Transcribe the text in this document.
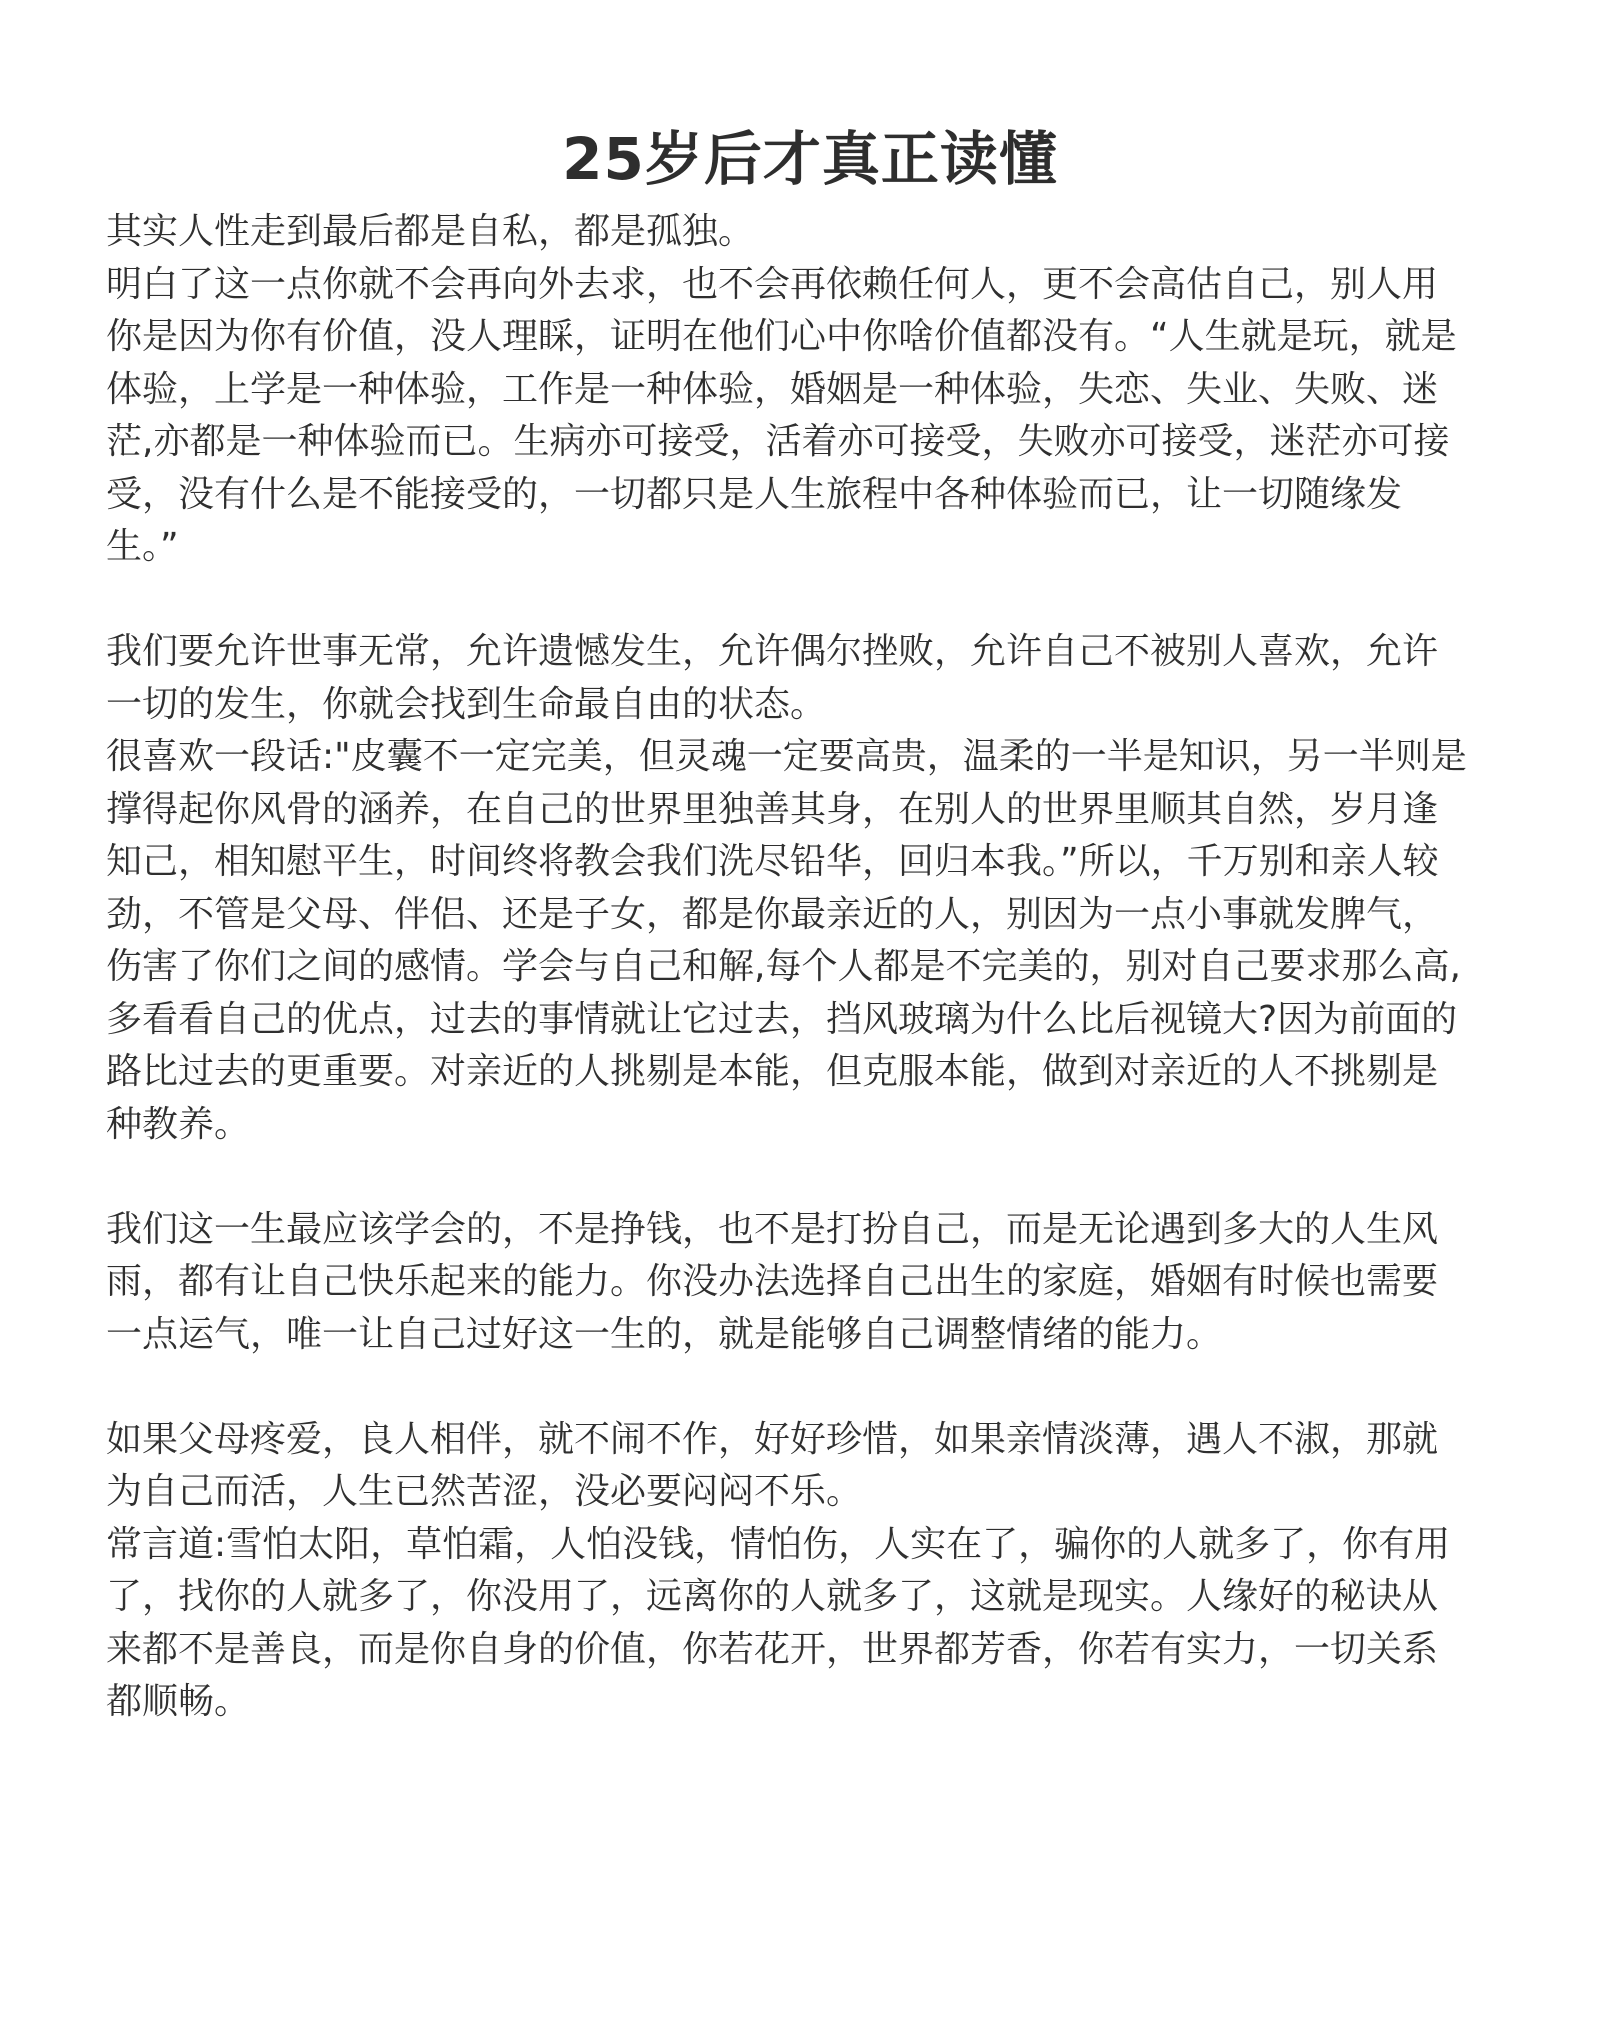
25岁后才真正读懂
其实人性走到最后都是自私，都是孤独。
明白了这一点你就不会再向外去求，也不会再依赖任何人，更不会高估自己，别人用
你是因为你有价值，没人理睬，证明在他们心中你啥价值都没有。“人生就是玩，就是
体验，上学是一种体验，工作是一种体验，婚姻是一种体验，失恋、失业、失败、迷
茫,亦都是一种体验而已。生病亦可接受，活着亦可接受，失败亦可接受，迷茫亦可接
受，没有什么是不能接受的，一切都只是人生旅程中各种体验而已，让一切随缘发
生。”
我们要允许世事无常，允许遗憾发生，允许偶尔挫败，允许自己不被别人喜欢，允许
一切的发生，你就会找到生命最自由的状态。
很喜欢一段话:"皮囊不一定完美，但灵魂一定要高贵，温柔的一半是知识，另一半则是
撑得起你风骨的涵养，在自己的世界里独善其身，在别人的世界里顺其自然，岁月逢
知己，相知慰平生，时间终将教会我们洗尽铅华，回归本我。”所以，千万别和亲人较
劲，不管是父母、伴侣、还是子女，都是你最亲近的人，别因为一点小事就发脾气，
伤害了你们之间的感情。学会与自己和解,每个人都是不完美的，别对自己要求那么高,
多看看自己的优点，过去的事情就让它过去，挡风玻璃为什么比后视镜大?因为前面的
路比过去的更重要。对亲近的人挑剔是本能，但克服本能，做到对亲近的人不挑剔是
种教养。
我们这一生最应该学会的，不是挣钱，也不是打扮自己，而是无论遇到多大的人生风
雨，都有让自己快乐起来的能力。你没办法选择自己出生的家庭，婚姻有时候也需要
一点运气，唯一让自己过好这一生的，就是能够自己调整情绪的能力。
如果父母疼爱，良人相伴，就不闹不作，好好珍惜，如果亲情淡薄，遇人不淑，那就
为自己而活，人生已然苦涩，没必要闷闷不乐。
常言道:雪怕太阳，草怕霜，人怕没钱，情怕伤，人实在了，骗你的人就多了，你有用
了，找你的人就多了，你没用了，远离你的人就多了，这就是现实。人缘好的秘诀从
来都不是善良，而是你自身的价值，你若花开，世界都芳香，你若有实力，一切关系
都顺畅。
